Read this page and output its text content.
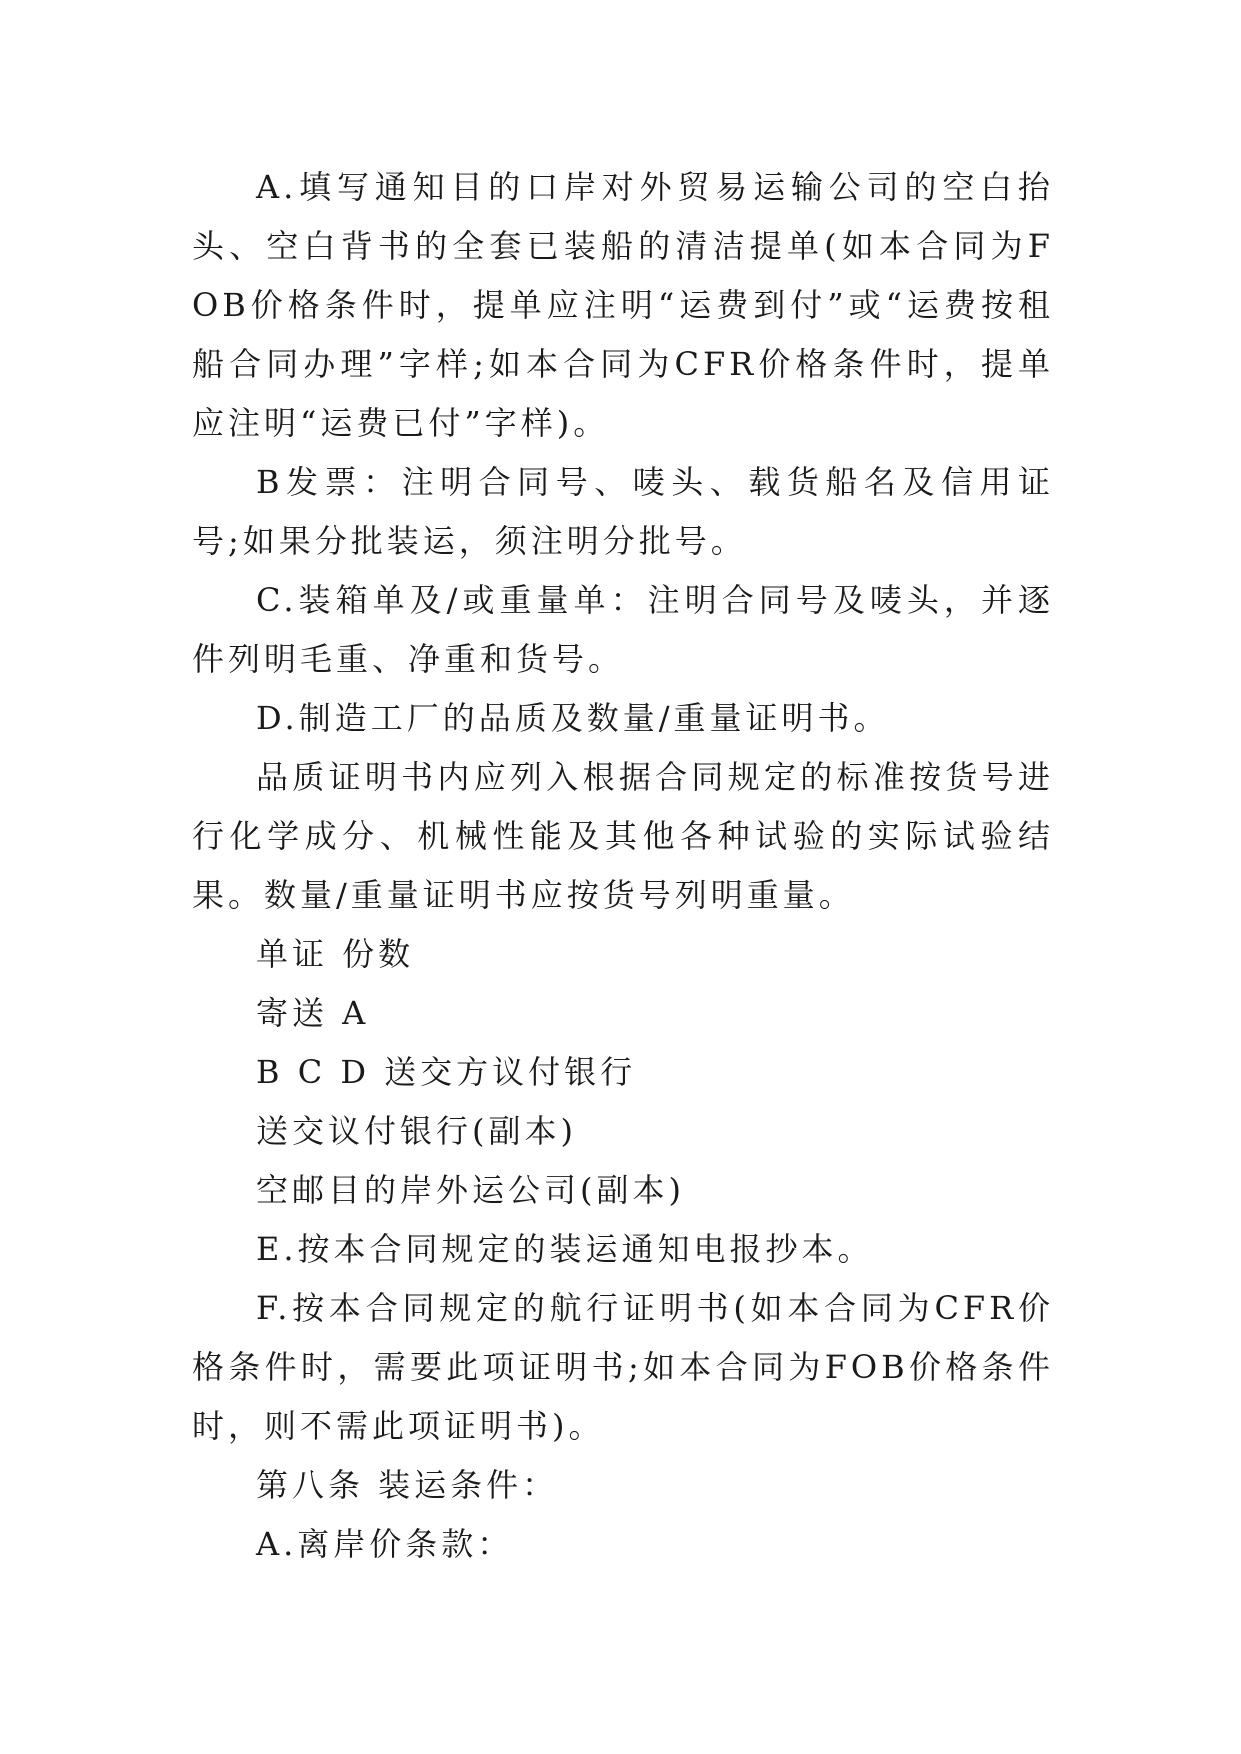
A.填写通知目的口岸对外贸易运输公司的空白抬头、空白背书的全套已装船的清洁提单(如本合同为FOB价格条件时，提单应注明“运费到付”或“运费按租船合同办理”字样;如本合同为CFR价格条件时，提单应注明“运费已付”字样)。

B发票：注明合同号、唛头、载货船名及信用证号;如果分批装运，须注明分批号。

C.装箱单及/或重量单：注明合同号及唛头，并逐件列明毛重、净重和货号。

D.制造工厂的品质及数量/重量证明书。

品质证明书内应列入根据合同规定的标准按货号进行化学成分、机械性能及其他各种试验的实际试验结果。数量/重量证明书应按货号列明重量。

单证 份数

寄送 A

B C D 送交方议付银行

送交议付银行(副本)

空邮目的岸外运公司(副本)

E.按本合同规定的装运通知电报抄本。

F.按本合同规定的航行证明书(如本合同为CFR价格条件时，需要此项证明书;如本合同为FOB价格条件时，则不需此项证明书)。

第八条 装运条件：

A.离岸价条款：
